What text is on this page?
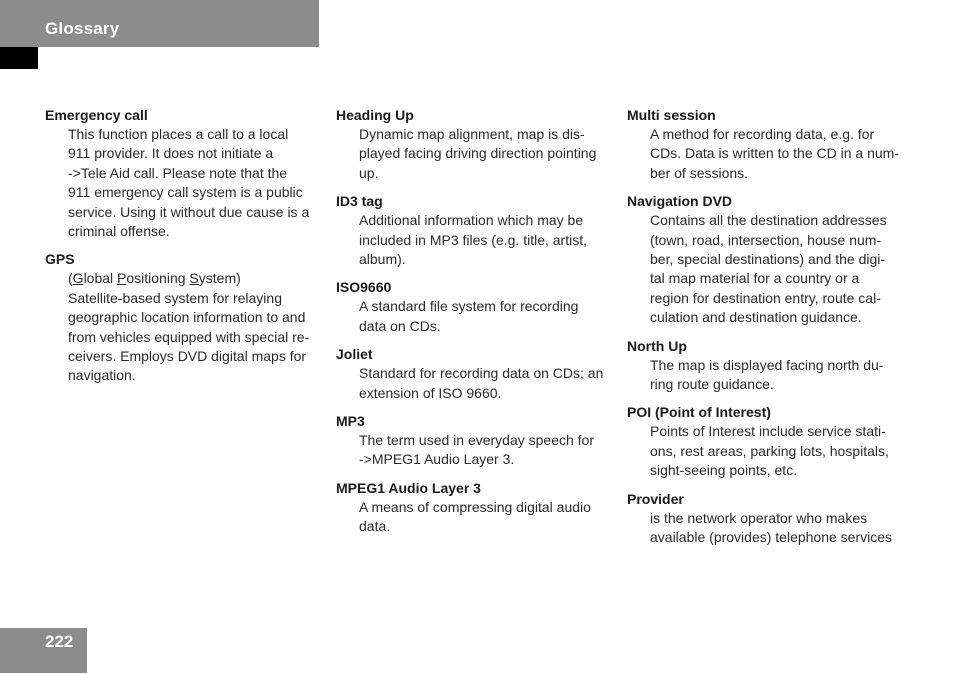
Glossary
Emergency call
This function places a call to a local
911 provider. It does not initiate a
->Tele Aid call. Please note that the
911 emergency call system is a public
service. Using it without due cause is a
criminal offense.
GPS
(Global Positioning System)
Satellite-based system for relaying
geographic location information to and
from vehicles equipped with special re-
ceivers. Employs DVD digital maps for
navigation.
Heading Up
Dynamic map alignment, map is dis-
played facing driving direction pointing
up.
ID3 tag
Additional information which may be
included in MP3 files (e.g. title, artist,
album).
ISO9660
A standard file system for recording
data on CDs.
Joliet
Standard for recording data on CDs; an
extension of ISO 9660.
MP3
The term used in everyday speech for
->MPEG1 Audio Layer 3.
MPEG1 Audio Layer 3
A means of compressing digital audio
data.
Multi session
A method for recording data, e.g. for
CDs. Data is written to the CD in a num-
ber of sessions.
Navigation DVD
Contains all the destination addresses
(town, road, intersection, house num-
ber, special destinations) and the digi-
tal map material for a country or a
region for destination entry, route cal-
culation and destination guidance.
North Up
The map is displayed facing north du-
ring route guidance.
POI (Point of Interest)
Points of Interest include service stati-
ons, rest areas, parking lots, hospitals,
sight-seeing points, etc.
Provider
is the network operator who makes
available (provides) telephone services
222
